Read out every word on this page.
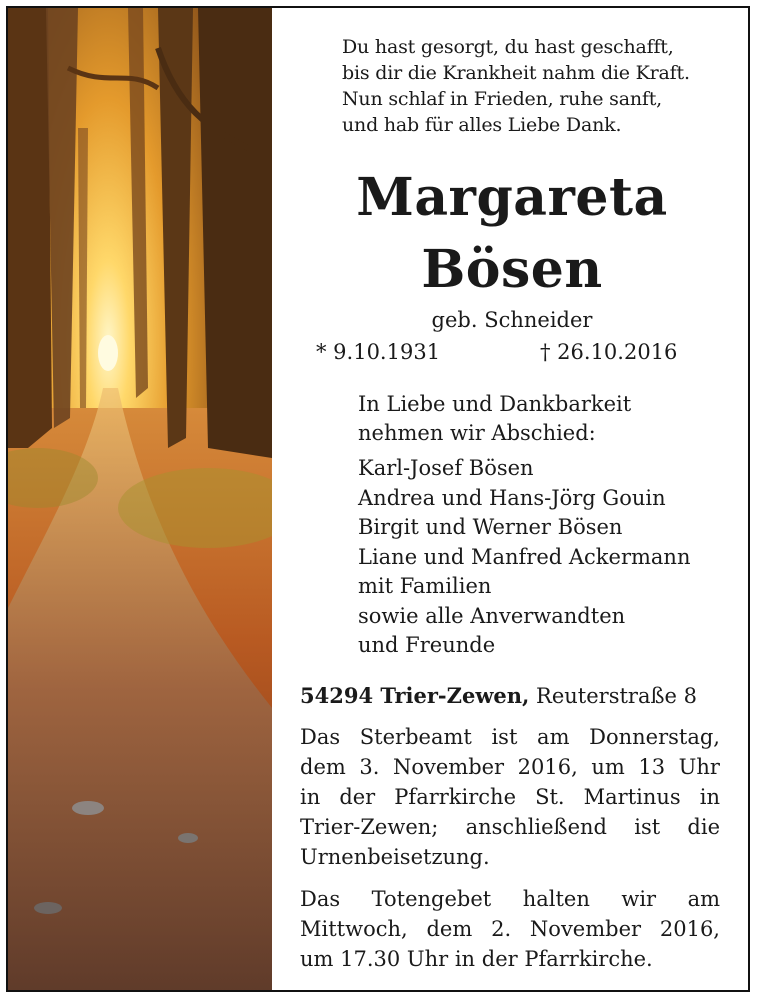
Du hast gesorgt, du hast geschafft,
bis dir die Krankheit nahm die Kraft.
Nun schlaf in Frieden, ruhe sanft,
und hab für alles Liebe Dank.
Margareta
Bösen
geb. Schneider
* 9.10.1931	† 26.10.2016
In Liebe und Dankbarkeit
nehmen wir Abschied:
Karl-Josef Bösen
Andrea und Hans-Jörg Gouin
Birgit und Werner Bösen
Liane und Manfred Ackermann
mit Familien
sowie alle Anverwandten
und Freunde
54294 Trier-Zewen, Reuterstraße 8
Das Sterbeamt ist am Donnerstag,
dem 3. November 2016, um 13 Uhr
in der Pfarrkirche St. Martinus in
Trier-Zewen; anschließend ist die
Urnenbeisetzung.
Das Totengebet halten wir am
Mittwoch, dem 2. November 2016,
um 17.30 Uhr in der Pfarrkirche.
